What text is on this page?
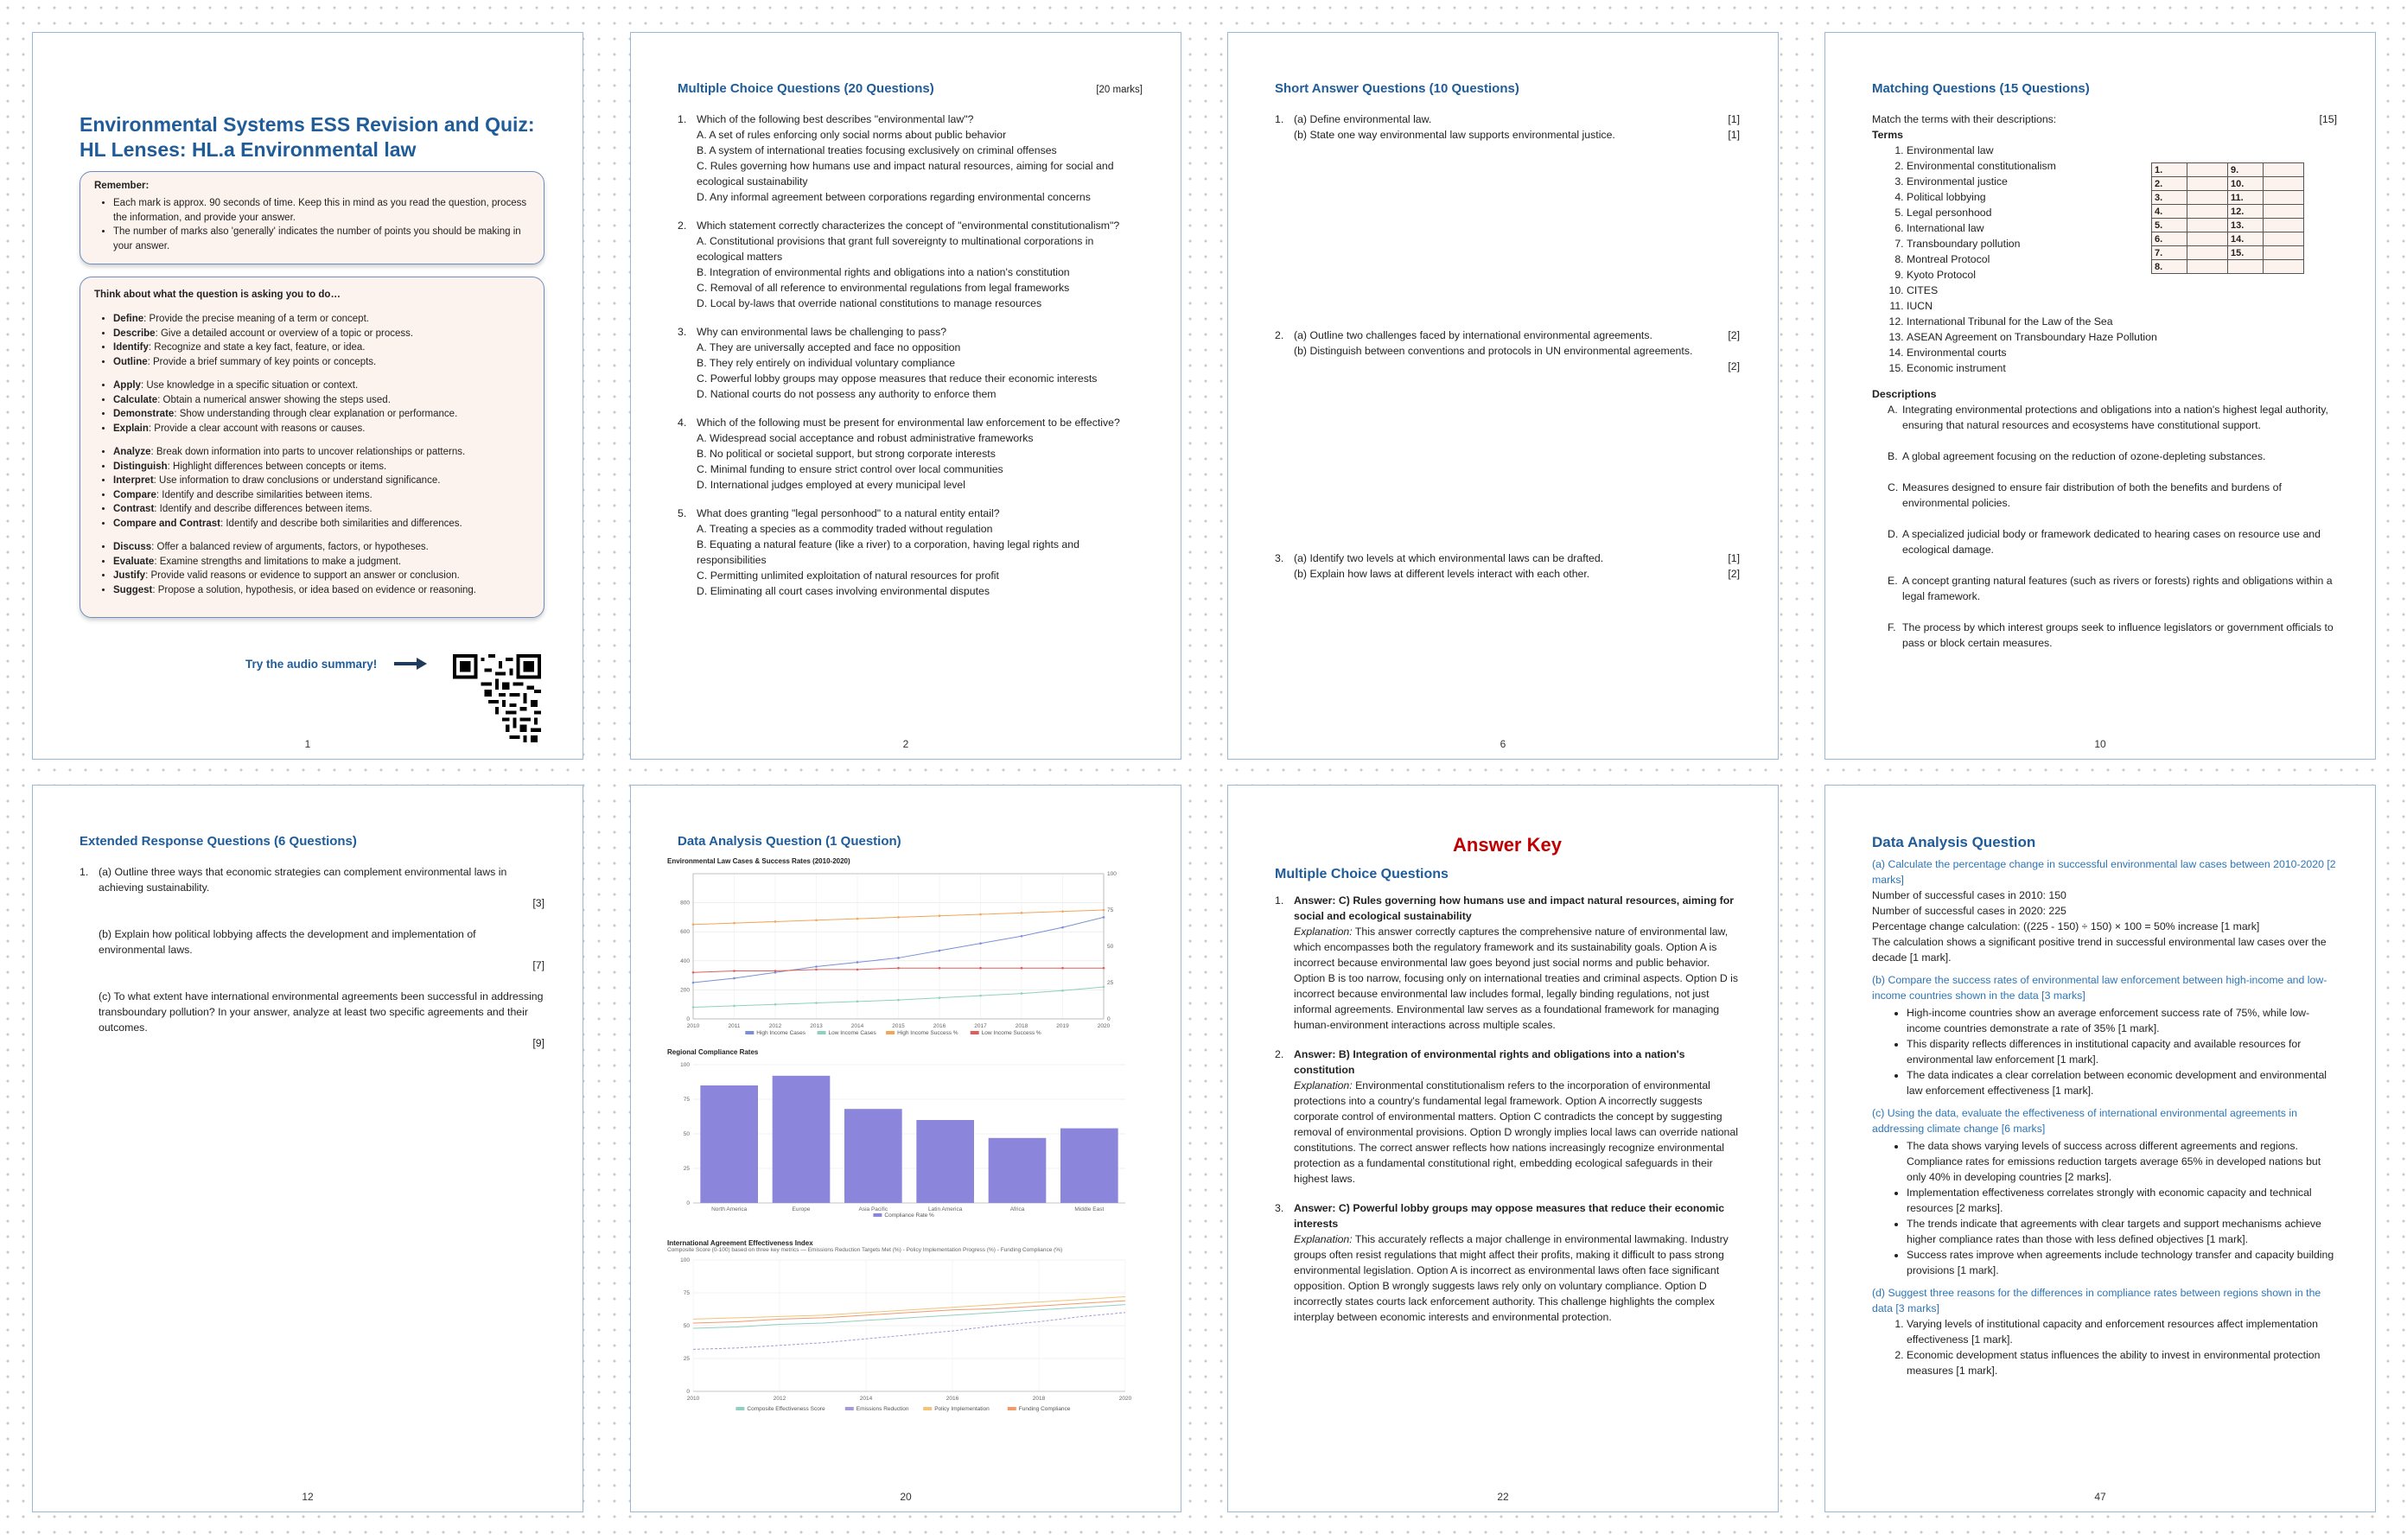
Environmental Systems ESS Revision and Quiz:
HL Lenses: HL.a Environmental law
Remember:
• Each mark is approx. 90 seconds of time. Keep this in mind as you read the question, process the information, and provide your answer.
• The number of marks also 'generally' indicates the number of points you should be making in your answer.
Think about what the question is asking you to do…
• Define: Provide the precise meaning of a term or concept.
• Describe: Give a detailed account or overview of a topic or process.
• Identify: Recognize and state a key fact, feature, or idea.
• Outline: Provide a brief summary of key points or concepts.
• Apply: Use knowledge in a specific situation or context.
• Calculate: Obtain a numerical answer showing the steps used.
• Demonstrate: Show understanding through clear explanation or performance.
• Explain: Provide a clear account with reasons or causes.
• Analyze: Break down information into parts to uncover relationships or patterns.
• Distinguish: Highlight differences between concepts or items.
• Interpret: Use information to draw conclusions or understand significance.
• Compare: Identify and describe similarities between items.
• Contrast: Identify and describe differences between items.
• Compare and Contrast: Identify and describe both similarities and differences.
• Discuss: Offer a balanced review of arguments, factors, or hypotheses.
• Evaluate: Examine strengths and limitations to make a judgment.
• Justify: Provide valid reasons or evidence to support an answer or conclusion.
• Suggest: Propose a solution, hypothesis, or idea based on evidence or reasoning.
Try the audio summary!
1
Multiple Choice Questions (20 Questions)	[20 marks]
1. Which of the following best describes "environmental law"?
A. A set of rules enforcing only social norms about public behavior
B. A system of international treaties focusing exclusively on criminal offenses
C. Rules governing how humans use and impact natural resources, aiming for social and ecological sustainability
D. Any informal agreement between corporations regarding environmental concerns
2. Which statement correctly characterizes the concept of "environmental constitutionalism"?
A. Constitutional provisions that grant full sovereignty to multinational corporations in ecological matters
B. Integration of environmental rights and obligations into a nation's constitution
C. Removal of all reference to environmental regulations from legal frameworks
D. Local by-laws that override national constitutions to manage resources
3. Why can environmental laws be challenging to pass?
A. They are universally accepted and face no opposition
B. They rely entirely on individual voluntary compliance
C. Powerful lobby groups may oppose measures that reduce their economic interests
D. National courts do not possess any authority to enforce them
4. Which of the following must be present for environmental law enforcement to be effective?
A. Widespread social acceptance and robust administrative frameworks
B. No political or societal support, but strong corporate interests
C. Minimal funding to ensure strict control over local communities
D. International judges employed at every municipal level
5. What does granting "legal personhood" to a natural entity entail?
A. Treating a species as a commodity traded without regulation
B. Equating a natural feature (like a river) to a corporation, having legal rights and responsibilities
C. Permitting unlimited exploitation of natural resources for profit
D. Eliminating all court cases involving environmental disputes
2
Short Answer Questions (10 Questions)
1. (a) Define environmental law.	[1]
(b) State one way environmental law supports environmental justice.	[1]
2. (a) Outline two challenges faced by international environmental agreements.	[2]
(b) Distinguish between conventions and protocols in UN environmental agreements.
[2]
3. (a) Identify two levels at which environmental laws can be drafted.	[1]
(b) Explain how laws at different levels interact with each other.	[2]
6
Matching Questions (15 Questions)
Match the terms with their descriptions:	[15]
Terms
1. Environmental law
2. Environmental constitutionalism
3. Environmental justice
4. Political lobbying
5. Legal personhood
6. International law
7. Transboundary pollution
8. Montreal Protocol
9. Kyoto Protocol
10. CITES
11. IUCN
12. International Tribunal for the Law of the Sea
13. ASEAN Agreement on Transboundary Haze Pollution
14. Environmental courts
15. Economic instrument
1.		9.	
2.		10.	
3.		11.	
4.		12.	
5.		13.	
6.		14.	
7.		15.	
8.			
Descriptions
A. Integrating environmental protections and obligations into a nation's highest legal authority, ensuring that natural resources and ecosystems have constitutional support.
B. A global agreement focusing on the reduction of ozone-depleting substances.
C. Measures designed to ensure fair distribution of both the benefits and burdens of environmental policies.
D. A specialized judicial body or framework dedicated to hearing cases on resource use and ecological damage.
E. A concept granting natural features (such as rivers or forests) rights and obligations within a legal framework.
F. The process by which interest groups seek to influence legislators or government officials to pass or block certain measures.
10
Extended Response Questions (6 Questions)
1. (a) Outline three ways that economic strategies can complement environmental laws in achieving sustainability.
[3]
(b) Explain how political lobbying affects the development and implementation of environmental laws.
[7]
(c) To what extent have international environmental agreements been successful in addressing transboundary pollution? In your answer, analyze at least two specific agreements and their outcomes.
[9]
12
Data Analysis Question (1 Question)
Environmental Law Cases & Success Rates (2010-2020)
0
200
400
600
800
0
25
50
75
100
2010	2011	2012	2013	2014	2015	2016	2017	2018	2019	2020
High Income Cases	Low Income Cases	High Income Success %	Low Income Success %
Regional Compliance Rates
0
25
50
75
100
North America	Europe	Asia Pacific	Latin America	Africa	Middle East
Compliance Rate %
International Agreement Effectiveness Index
Composite Score (0-100) based on three key metrics — Emissions Reduction Targets Met (%) - Policy Implementation Progress (%) - Funding Compliance (%)
0
25
50
75
100
2010	2012	2014	2016	2018	2020
Composite Effectiveness Score	Emissions Reduction	Policy Implementation	Funding Compliance
20
Answer Key
Multiple Choice Questions
1. Answer: C) Rules governing how humans use and impact natural resources, aiming for social and ecological sustainability
Explanation: This answer correctly captures the comprehensive nature of environmental law, which encompasses both the regulatory framework and its sustainability goals. Option A is incorrect because environmental law goes beyond just social norms and public behavior. Option B is too narrow, focusing only on international treaties and criminal aspects. Option D is incorrect because environmental law includes formal, legally binding regulations, not just informal agreements. Environmental law serves as a foundational framework for managing human-environment interactions across multiple scales.
2. Answer: B) Integration of environmental rights and obligations into a nation's constitution
Explanation: Environmental constitutionalism refers to the incorporation of environmental protections into a country's fundamental legal framework. Option A incorrectly suggests corporate control of environmental matters. Option C contradicts the concept by suggesting removal of environmental provisions. Option D wrongly implies local laws can override national constitutions. The correct answer reflects how nations increasingly recognize environmental protection as a fundamental constitutional right, embedding ecological safeguards in their highest laws.
3. Answer: C) Powerful lobby groups may oppose measures that reduce their economic interests
Explanation: This accurately reflects a major challenge in environmental lawmaking. Industry groups often resist regulations that might affect their profits, making it difficult to pass strong environmental legislation. Option A is incorrect as environmental laws often face significant opposition. Option B wrongly suggests laws rely only on voluntary compliance. Option D incorrectly states courts lack enforcement authority. This challenge highlights the complex interplay between economic interests and environmental protection.
22
Data Analysis Question
(a) Calculate the percentage change in successful environmental law cases between 2010-2020 [2 marks]
Number of successful cases in 2010: 150
Number of successful cases in 2020: 225
Percentage change calculation: ((225 - 150) ÷ 150) × 100 = 50% increase [1 mark]
The calculation shows a significant positive trend in successful environmental law cases over the decade [1 mark].
(b) Compare the success rates of environmental law enforcement between high-income and low-income countries shown in the data [3 marks]
• High-income countries show an average enforcement success rate of 75%, while low-income countries demonstrate a rate of 35% [1 mark].
• This disparity reflects differences in institutional capacity and available resources for environmental law enforcement [1 mark].
• The data indicates a clear correlation between economic development and environmental law enforcement effectiveness [1 mark].
(c) Using the data, evaluate the effectiveness of international environmental agreements in addressing climate change [6 marks]
• The data shows varying levels of success across different agreements and regions. Compliance rates for emissions reduction targets average 65% in developed nations but only 40% in developing countries [2 marks].
• Implementation effectiveness correlates strongly with economic capacity and technical resources [2 marks].
• The trends indicate that agreements with clear targets and support mechanisms achieve higher compliance rates than those with less defined objectives [1 mark].
• Success rates improve when agreements include technology transfer and capacity building provisions [1 mark].
(d) Suggest three reasons for the differences in compliance rates between regions shown in the data [3 marks]
1. Varying levels of institutional capacity and enforcement resources affect implementation effectiveness [1 mark].
2. Economic development status influences the ability to invest in environmental protection measures [1 mark].
47
